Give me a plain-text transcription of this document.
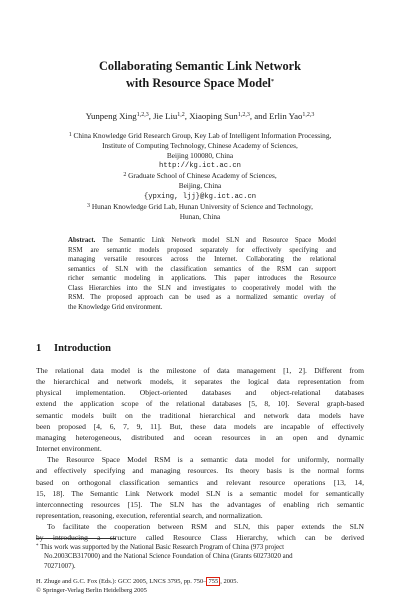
Collaborating Semantic Link Network
with Resource Space Model*
Yunpeng Xing$^{1,2,3}$, Jie Liu$^{1,2}$, Xiaoping Sun$^{1,2,3}$, and Erlin Yao$^{1,2,3}$
$^1$ China Knowledge Grid Research Group, Key Lab of Intelligent Information Processing,
Institute of Computing Technology, Chinese Academy of Sciences,
Beijing 100080, China
http://kg.ict.ac.cn
$^2$ Graduate School of Chinese Academy of Sciences,
Beijing, China
{ypxing, ljj}@kg.ict.ac.cn
$^3$ Hunan Knowledge Grid Lab, Hunan University of Science and Technology,
Hunan, China
Abstract. The Semantic Link Network model SLN and Resource Space Model
RSM are semantic models proposed separately for effectively specifying and
managing versatile resources across the Internet. Collaborating the relational
semantics of SLN with the classification semantics of the RSM can support
richer semantic modeling in applications. This paper introduces the Resource
Class Hierarchies into the SLN and investigates to cooperatively model with the
RSM. The proposed approach can be used as a normalized semantic overlay of
the Knowledge Grid environment.
1 Introduction
The relational data model is the milestone of data management [1, 2]. Different from
the hierarchical and network models, it separates the logical data representation from
physical implementation. Object-oriented databases and object-relational databases
extend the application scope of the relational databases [5, 8, 10]. Several graph-based
semantic models built on the traditional hierarchical and network data models have
been proposed [4, 6, 7, 9, 11]. But, these data models are incapable of effectively
managing heterogeneous, distributed and ocean resources in an open and dynamic
Internet environment.
The Resource Space Model RSM is a semantic data model for uniformly, normally
and effectively specifying and managing resources. Its theory basis is the normal forms
based on orthogonal classification semantics and relevant resource operations [13, 14,
15, 18]. The Semantic Link Network model SLN is a semantic model for semantically
interconnecting resources [15]. The SLN has the advantages of enabling rich semantic
representation, reasoning, execution, referential search, and normalization.
To facilitate the cooperation between RSM and SLN, this paper extends the SLN
by introducing a structure called Resource Class Hierarchy, which can be derived
* This work was supported by the National Basic Research Program of China (973 project
No.2003CB317000) and the National Science Foundation of China (Grants 60273020 and
70271007).
H. Zhuge and G.C. Fox (Eds.): GCC 2005, LNCS 3795, pp. 750– 755 , 2005.
© Springer-Verlag Berlin Heidelberg 2005
